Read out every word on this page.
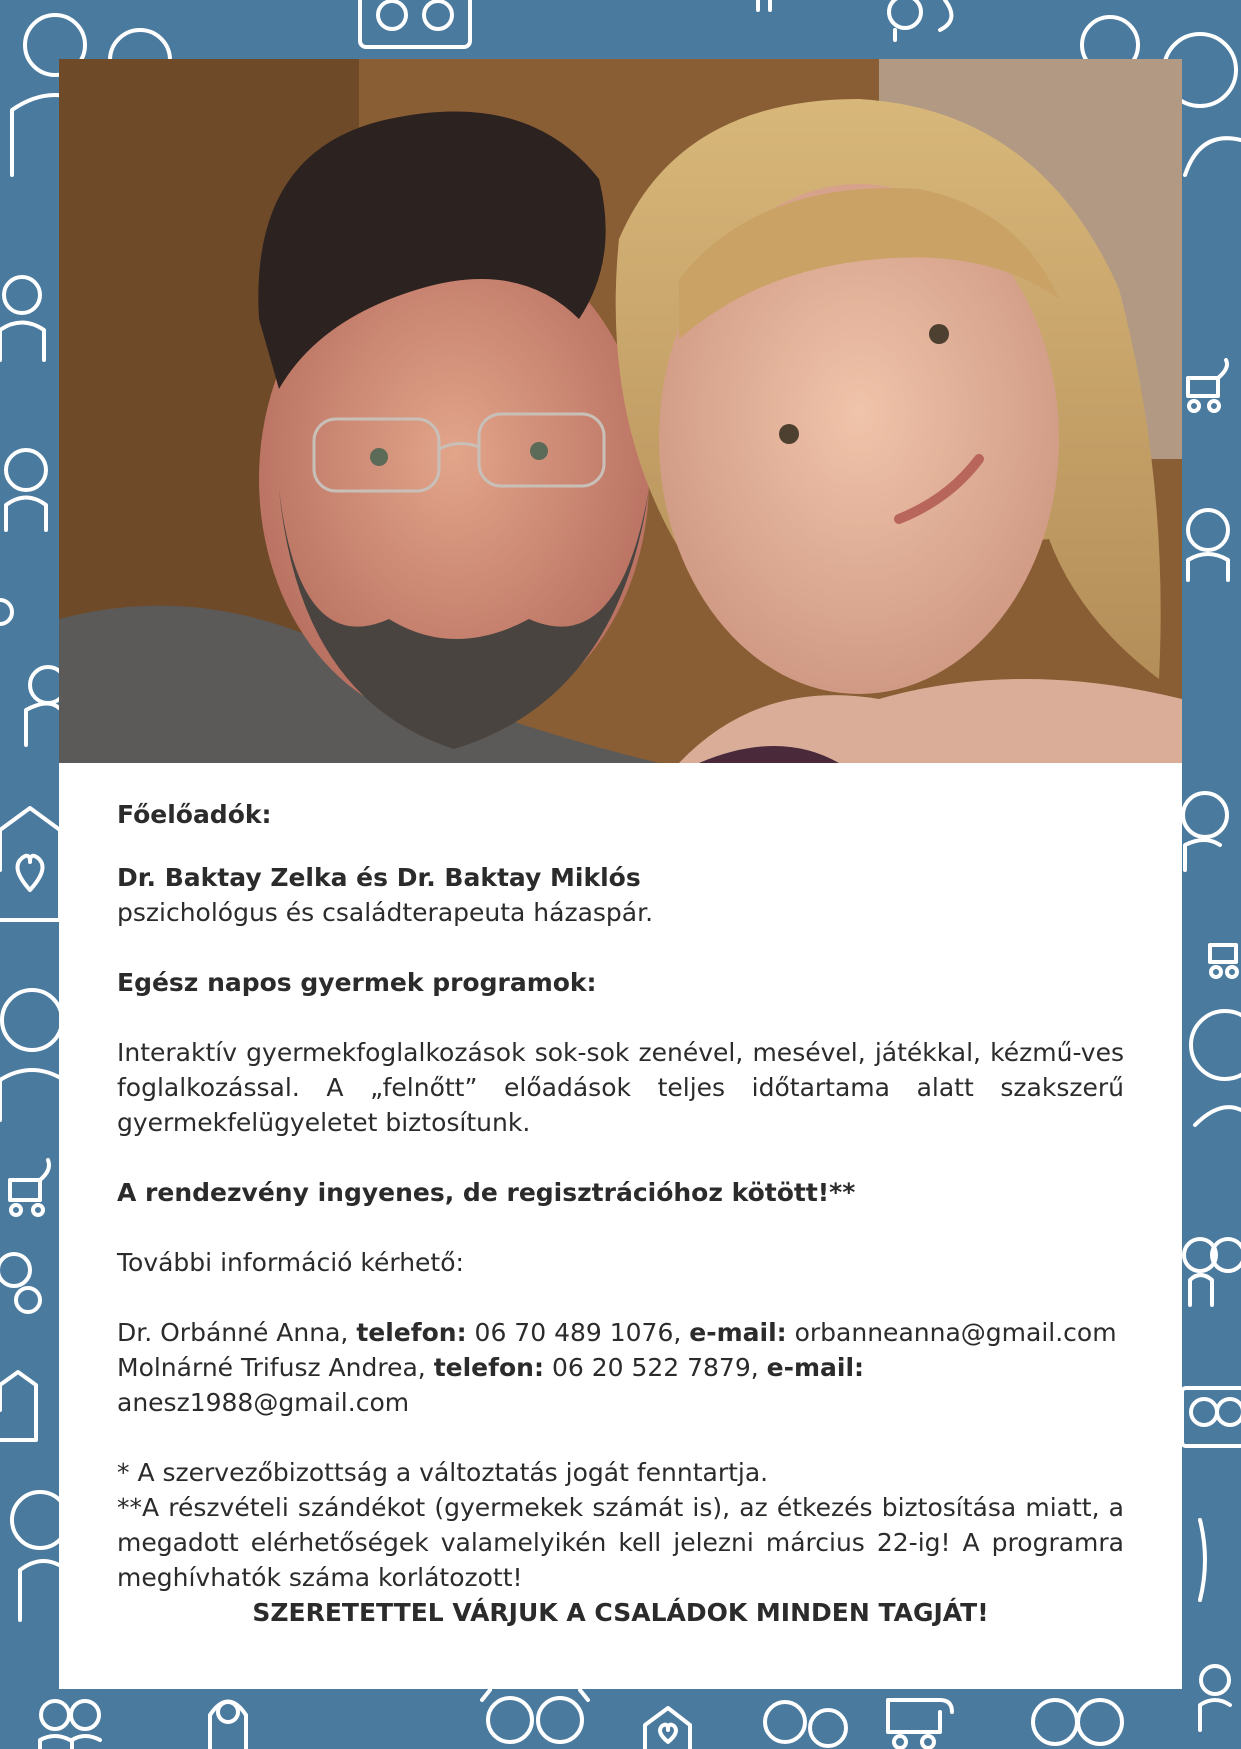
Főelőadók:

Dr. Baktay Zelka és Dr. Baktay Miklós

pszichológus és családterapeuta házaspár.

Egész napos gyermek programok:

Interaktív gyermekfoglalkozások sok-sok zenével, mesével, játékkal, kézmű-ves foglalkozással. A „felnőtt” előadások teljes időtartama alatt szakszerű gyermekfelügyeletet biztosítunk.

A rendezvény ingyenes, de regisztrációhoz kötött!**

További információ kérhető:

Dr. Orbánné Anna, telefon: 06 70 489 1076, e-mail: orbanneanna@gmail.com

Molnárné Trifusz Andrea, telefon: 06 20 522 7879, e-mail: anesz1988@gmail.com

* A szervezőbizottság a változtatás jogát fenntartja.

**A részvételi szándékot (gyermekek számát is), az étkezés biztosítása miatt, a megadott elérhetőségek valamelyikén kell jelezni március 22-ig! A programra meghívhatók száma korlátozott!

SZERETETTEL VÁRJUK A CSALÁDOK MINDEN TAGJÁT!
